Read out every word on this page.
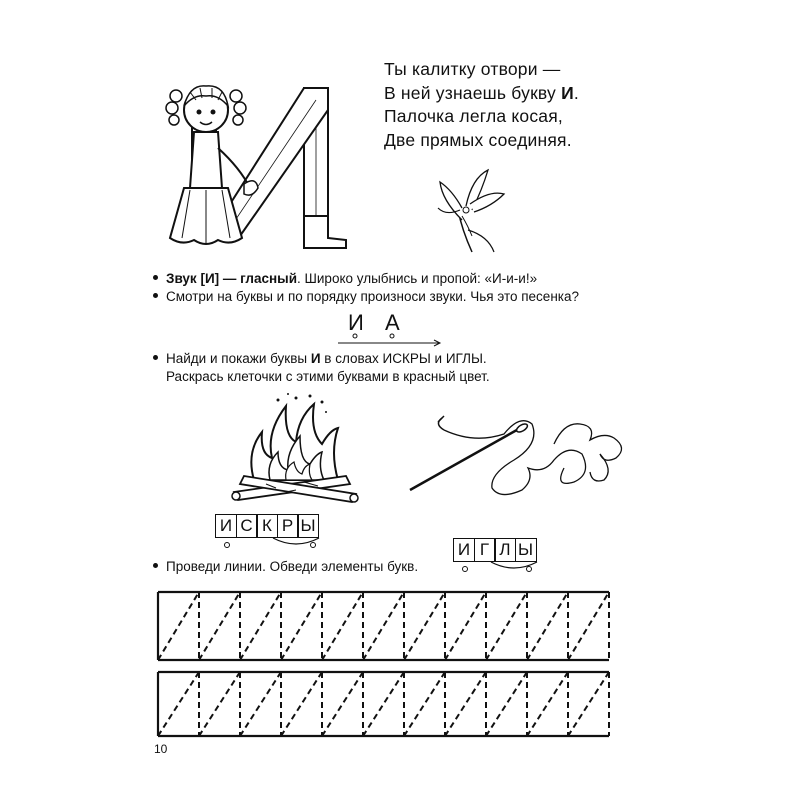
Ты калитку отвори —
В ней узнаешь букву И.
Палочка легла косая,
Две прямых соединяя.
Звук [И] — гласный. Широко улыбнись и пропой: «И-и-и!»
Смотри на буквы и по порядку произноси звуки. Чья это песенка?
И А
Найди и покажи буквы И в словах ИСКРЫ и ИГЛЫ.
Раскрась клеточки с этими буквами в красный цвет.
И С К Р Ы
И Г Л Ы
Проведи линии. Обведи элементы букв.
10
